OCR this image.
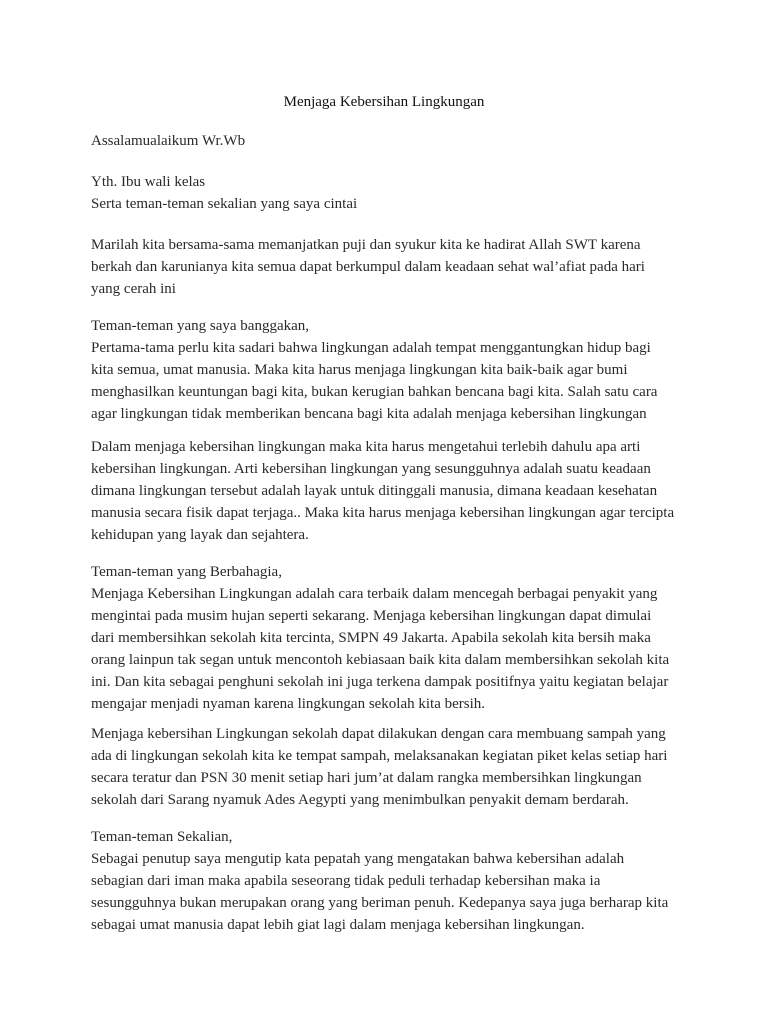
Menjaga Kebersihan Lingkungan
Assalamualaikum Wr.Wb
Yth. Ibu wali kelas
Serta teman-teman sekalian yang saya cintai
Marilah kita bersama-sama memanjatkan puji dan syukur kita ke hadirat Allah SWT karena
berkah dan karunianya kita semua dapat berkumpul dalam keadaan sehat wal’afiat pada hari
yang cerah ini
Teman-teman yang saya banggakan,
Pertama-tama perlu kita sadari bahwa lingkungan adalah tempat menggantungkan hidup bagi
kita semua, umat manusia. Maka kita harus menjaga lingkungan kita baik-baik agar bumi
menghasilkan keuntungan bagi kita, bukan kerugian bahkan bencana bagi kita. Salah satu cara
agar lingkungan tidak memberikan bencana bagi kita adalah menjaga kebersihan lingkungan
Dalam menjaga kebersihan lingkungan maka kita harus mengetahui terlebih dahulu apa arti
kebersihan lingkungan. Arti kebersihan lingkungan yang sesungguhnya adalah suatu keadaan
dimana lingkungan tersebut adalah layak untuk ditinggali manusia, dimana keadaan kesehatan
manusia secara fisik dapat terjaga.. Maka kita harus menjaga kebersihan lingkungan agar tercipta
kehidupan yang layak dan sejahtera.
Teman-teman yang Berbahagia,
Menjaga Kebersihan Lingkungan adalah cara terbaik dalam mencegah berbagai penyakit yang
mengintai pada musim hujan seperti sekarang. Menjaga kebersihan lingkungan dapat dimulai
dari membersihkan sekolah kita tercinta, SMPN 49 Jakarta. Apabila sekolah kita bersih maka
orang lainpun tak segan untuk mencontoh kebiasaan baik kita dalam membersihkan sekolah kita
ini. Dan kita sebagai penghuni sekolah ini juga terkena dampak positifnya yaitu kegiatan belajar
mengajar menjadi nyaman karena lingkungan sekolah kita bersih.
Menjaga kebersihan Lingkungan sekolah dapat dilakukan dengan cara membuang sampah yang
ada di lingkungan sekolah kita ke tempat sampah, melaksanakan kegiatan piket kelas setiap hari
secara teratur dan PSN 30 menit setiap hari jum’at dalam rangka membersihkan lingkungan
sekolah dari Sarang nyamuk Ades Aegypti yang menimbulkan penyakit demam berdarah.
Teman-teman Sekalian,
Sebagai penutup saya mengutip kata pepatah yang mengatakan bahwa kebersihan adalah
sebagian dari iman maka apabila seseorang tidak peduli terhadap kebersihan maka ia
sesungguhnya bukan merupakan orang yang beriman penuh. Kedepanya saya juga berharap kita
sebagai umat manusia dapat lebih giat lagi dalam menjaga kebersihan lingkungan.
